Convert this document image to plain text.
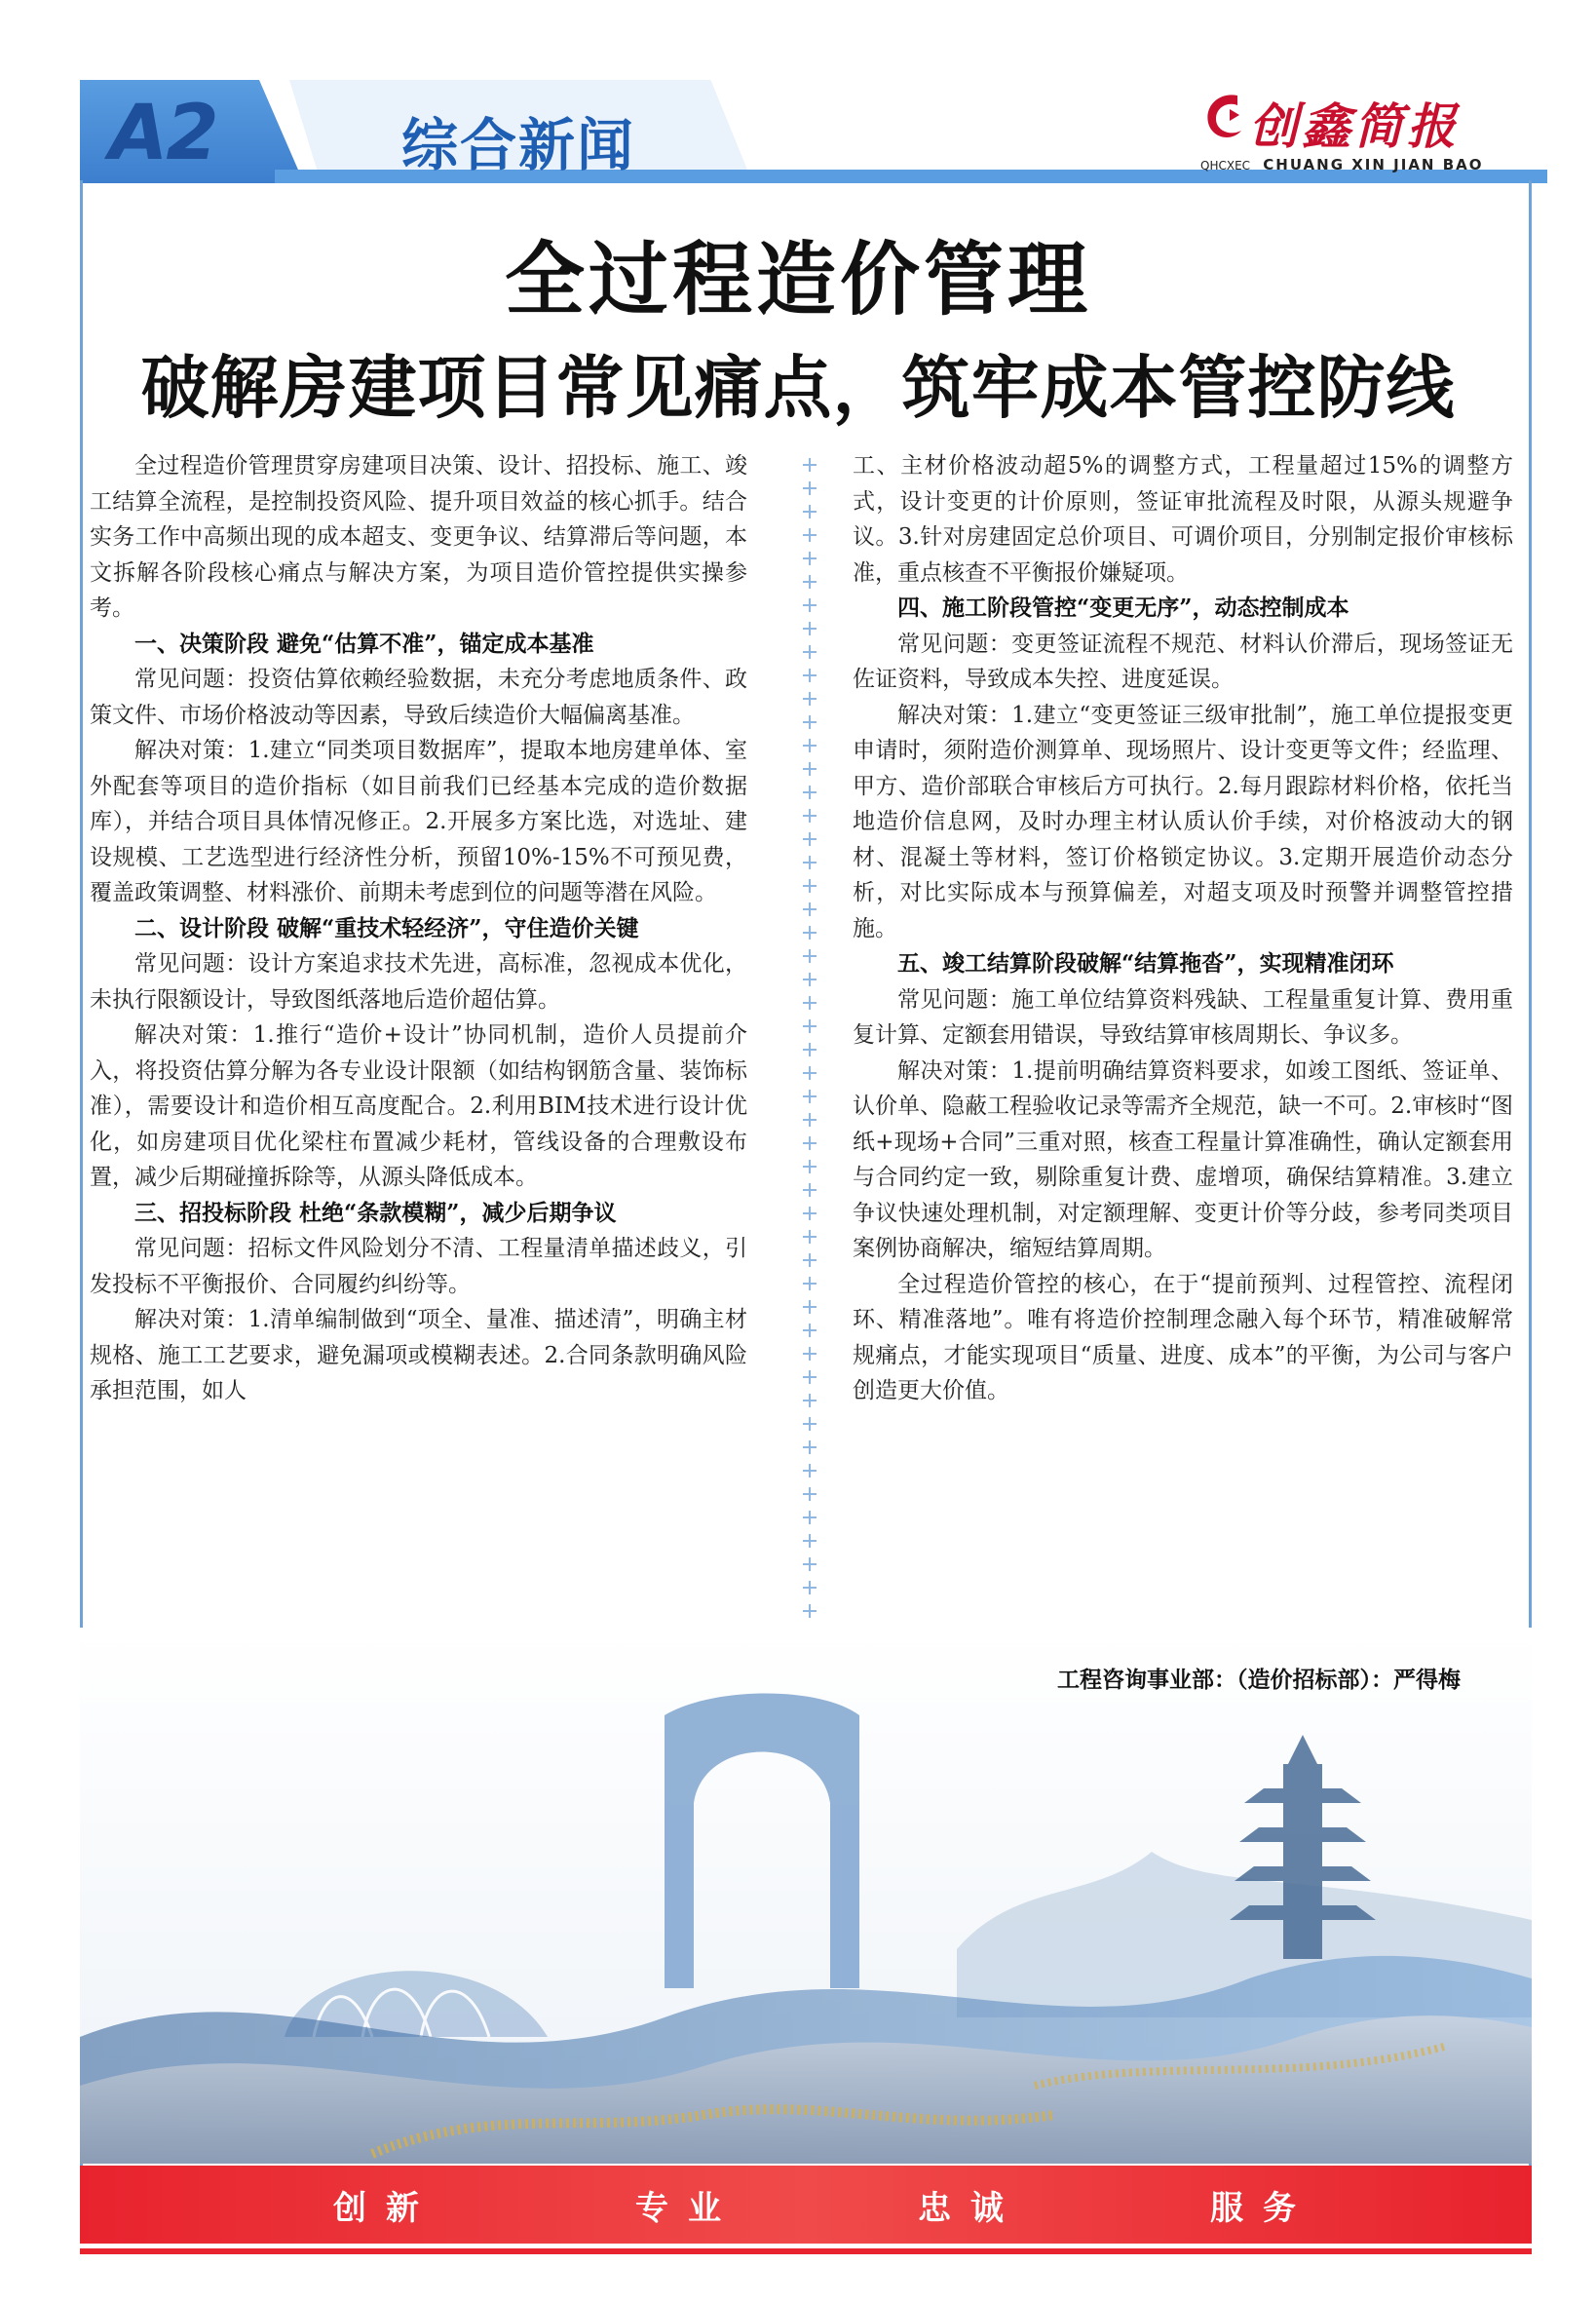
A2	综合新闻	创鑫简报
QHCXEC CHUANG XIN JIAN BAO
全过程造价管理
破解房建项目常见痛点，筑牢成本管控防线

全过程造价管理贯穿房建项目决策、设计、招投标、施工、竣工结算全流程，是控制投资风险、提升项目效益的核心抓手。结合实务工作中高频出现的成本超支、变更争议、结算滞后等问题，本文拆解各阶段核心痛点与解决方案，为项目造价管控提供实操参考。

一、决策阶段 避免“估算不准”，锚定成本基准

常见问题：投资估算依赖经验数据，未充分考虑地质条件、政策文件、市场价格波动等因素，导致后续造价大幅偏离基准。

解决对策：1.建立“同类项目数据库”，提取本地房建单体、室外配套等项目的造价指标（如目前我们已经基本完成的造价数据库），并结合项目具体情况修正。2.开展多方案比选，对选址、建设规模、工艺选型进行经济性分析，预留10%-15%不可预见费，覆盖政策调整、材料涨价、前期未考虑到位的问题等潜在风险。

二、设计阶段 破解“重技术轻经济”，守住造价关键

常见问题：设计方案追求技术先进，高标准，忽视成本优化，未执行限额设计，导致图纸落地后造价超估算。

解决对策：1.推行“造价+设计”协同机制，造价人员提前介入，将投资估算分解为各专业设计限额（如结构钢筋含量、装饰标准），需要设计和造价相互高度配合。2.利用BIM技术进行设计优化，如房建项目优化梁柱布置减少耗材，管线设备的合理敷设布置，减少后期碰撞拆除等，从源头降低成本。

三、招投标阶段 杜绝“条款模糊”，减少后期争议

常见问题：招标文件风险划分不清、工程量清单描述歧义，引发投标不平衡报价、合同履约纠纷等。

解决对策：1.清单编制做到“项全、量准、描述清”，明确主材规格、施工工艺要求，避免漏项或模糊表述。2.合同条款明确风险承担范围，如人

工、主材价格波动超5%的调整方式，工程量超过15%的调整方式，设计变更的计价原则，签证审批流程及时限，从源头规避争议。3.针对房建固定总价项目、可调价项目，分别制定报价审核标准，重点核查不平衡报价嫌疑项。

四、施工阶段管控“变更无序”，动态控制成本

常见问题：变更签证流程不规范、材料认价滞后，现场签证无佐证资料，导致成本失控、进度延误。

解决对策：1.建立“变更签证三级审批制”，施工单位提报变更申请时，须附造价测算单、现场照片、设计变更等文件；经监理、甲方、造价部联合审核后方可执行。2.每月跟踪材料价格，依托当地造价信息网，及时办理主材认质认价手续，对价格波动大的钢材、混凝土等材料，签订价格锁定协议。3.定期开展造价动态分析，对比实际成本与预算偏差，对超支项及时预警并调整管控措施。

五、竣工结算阶段破解“结算拖沓”，实现精准闭环

常见问题：施工单位结算资料残缺、工程量重复计算、费用重复计算、定额套用错误，导致结算审核周期长、争议多。

解决对策：1.提前明确结算资料要求，如竣工图纸、签证单、认价单、隐蔽工程验收记录等需齐全规范，缺一不可。2.审核时“图纸+现场+合同”三重对照，核查工程量计算准确性，确认定额套用与合同约定一致，剔除重复计费、虚增项，确保结算精准。3.建立争议快速处理机制，对定额理解、变更计价等分歧，参考同类项目案例协商解决，缩短结算周期。

全过程造价管控的核心，在于“提前预判、过程管控、流程闭环、精准落地”。唯有将造价控制理念融入每个环节，精准破解常规痛点，才能实现项目“质量、进度、成本”的平衡，为公司与客户创造更大价值。

工程咨询事业部：（造价招标部）：严得梅
创新	专业	忠诚	服务
